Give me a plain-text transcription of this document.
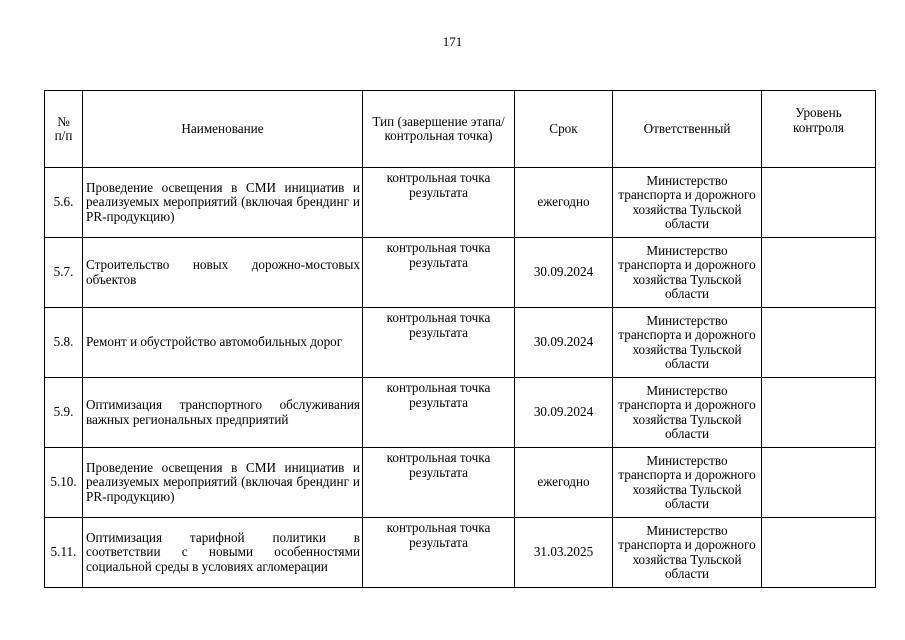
171
№
п/п	Наименование	Тип (завершение этапа/контрольная точка)	Срок	Ответственный	Уровень контроля
5.6.	Проведение освещения в СМИ инициатив и реализуемых мероприятий (включая брендинг и PR-продукцию)	контрольная точка результата	ежегодно	Министерство транспорта и дорожного хозяйства Тульской области	
5.7.	Строительство новых дорожно-мостовых объектов	контрольная точка результата	30.09.2024	Министерство транспорта и дорожного хозяйства Тульской области	
5.8.	Ремонт и обустройство автомобильных дорог	контрольная точка результата	30.09.2024	Министерство транспорта и дорожного хозяйства Тульской области	
5.9.	Оптимизация транспортного обслуживания важных региональных предприятий	контрольная точка результата	30.09.2024	Министерство транспорта и дорожного хозяйства Тульской области	
5.10.	Проведение освещения в СМИ инициатив и реализуемых мероприятий (включая брендинг и PR-продукцию)	контрольная точка результата	ежегодно	Министерство транспорта и дорожного хозяйства Тульской области	
5.11.	Оптимизация тарифной политики в соответствии с новыми особенностями социальной среды в условиях агломерации	контрольная точка результата	31.03.2025	Министерство транспорта и дорожного хозяйства Тульской области	
